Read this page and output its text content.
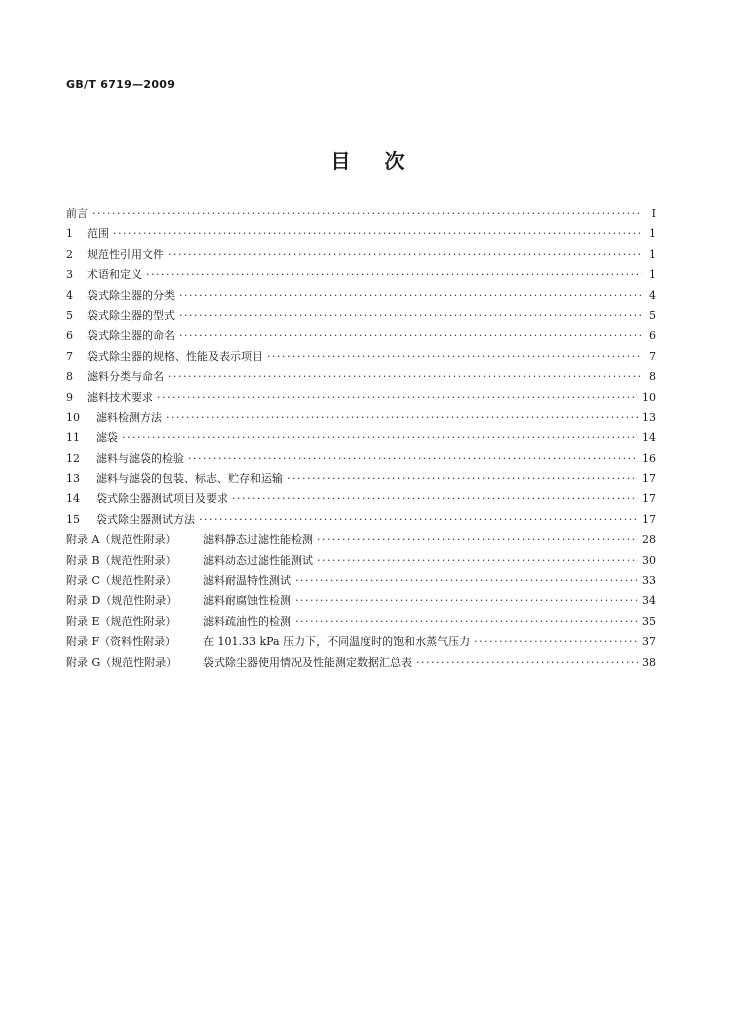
GB/T 6719—2009
目次
前言 ·····	I
1	范围 ·····	1
2	规范性引用文件 ·····	1
3	术语和定义 ·····	1
4	袋式除尘器的分类 ·····	4
5	袋式除尘器的型式 ·····	5
6	袋式除尘器的命名 ·····	6
7	袋式除尘器的规格、性能及表示项目 ·····	7
8	滤料分类与命名 ·····	8
9	滤料技术要求 ·····	10
10	滤料检测方法 ·····	13
11	滤袋 ·····	14
12	滤料与滤袋的检验 ·····	16
13	滤料与滤袋的包装、标志、贮存和运输 ·····	17
14	袋式除尘器测试项目及要求 ·····	17
15	袋式除尘器测试方法 ·····	17
附录 A（规范性附录）	滤料静态过滤性能检测 ·····	28
附录 B（规范性附录）	滤料动态过滤性能测试 ·····	30
附录 C（规范性附录）	滤料耐温特性测试 ·····	33
附录 D（规范性附录）	滤料耐腐蚀性检测 ·····	34
附录 E（规范性附录）	滤料疏油性的检测 ·····	35
附录 F（资料性附录）	在 101.33 kPa 压力下，不同温度时的饱和水蒸气压力 ·····	37
附录 G（规范性附录）	袋式除尘器使用情况及性能测定数据汇总表 ·····	38
